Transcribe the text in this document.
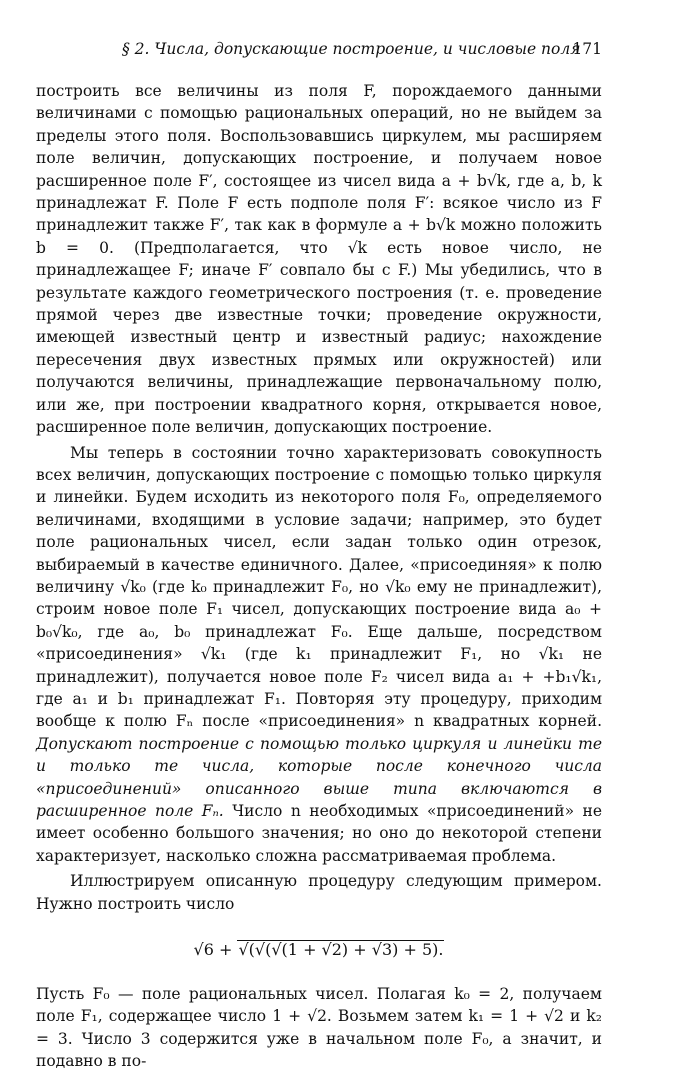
§ 2. Числа, допускающие построение, и числовые поля
171

построить все величины из поля F, порождаемого данными величинами с помощью рациональных операций, но не выйдем за пределы этого поля. Воспользовавшись циркулем, мы расширяем поле величин, допускающих построение, и получаем новое расширенное поле F′, состоящее из чисел вида a + b√k, где a, b, k принадлежат F. Поле F есть подполе поля F′: всякое число из F принадлежит также F′, так как в формуле a + b√k можно положить b = 0. (Предполагается, что √k есть новое число, не принадлежащее F; иначе F′ совпало бы с F.) Мы убедились, что в результате каждого геометрического построения (т. е. проведение прямой через две известные точки; проведение окружности, имеющей известный центр и известный радиус; нахождение пересечения двух известных прямых или окружностей) или получаются величины, принадлежащие первоначальному полю, или же, при построении квадратного корня, открывается новое, расширенное поле величин, допускающих построение.

Мы теперь в состоянии точно характеризовать совокупность всех величин, допускающих построение с помощью только циркуля и линейки. Будем исходить из некоторого поля F₀, определяемого величинами, входящими в условие задачи; например, это будет поле рациональных чисел, если задан только один отрезок, выбираемый в качестве единичного. Далее, «присоединяя» к полю величину √k₀ (где k₀ принадлежит F₀, но √k₀ ему не принадлежит), строим новое поле F₁ чисел, допускающих построение вида a₀ + b₀√k₀, где a₀, b₀ принадлежат F₀. Еще дальше, посредством «присоединения» √k₁ (где k₁ принадлежит F₁, но √k₁ не принадлежит), получается новое поле F₂ чисел вида a₁ + +b₁√k₁, где a₁ и b₁ принадлежат F₁. Повторяя эту процедуру, приходим вообще к полю Fₙ после «присоединения» n квадратных корней. Допускают построение с помощью только циркуля и линейки те и только те числа, которые после конечного числа «присоединений» описанного выше типа включаются в расширенное поле Fₙ. Число n необходимых «присоединений» не имеет особенно большого значения; но оно до некоторой степени характеризует, насколько сложна рассматриваемая проблема.

Иллюстрируем описанную процедуру следующим примером. Нужно построить число

√6 + √(√(√(1 + √2) + √3) + 5).

Пусть F₀ — поле рациональных чисел. Полагая k₀ = 2, получаем поле F₁, содержащее число 1 + √2. Возьмем затем k₁ = 1 + √2 и k₂ = 3. Число 3 содержится уже в начальном поле F₀, а значит, и подавно в по-
